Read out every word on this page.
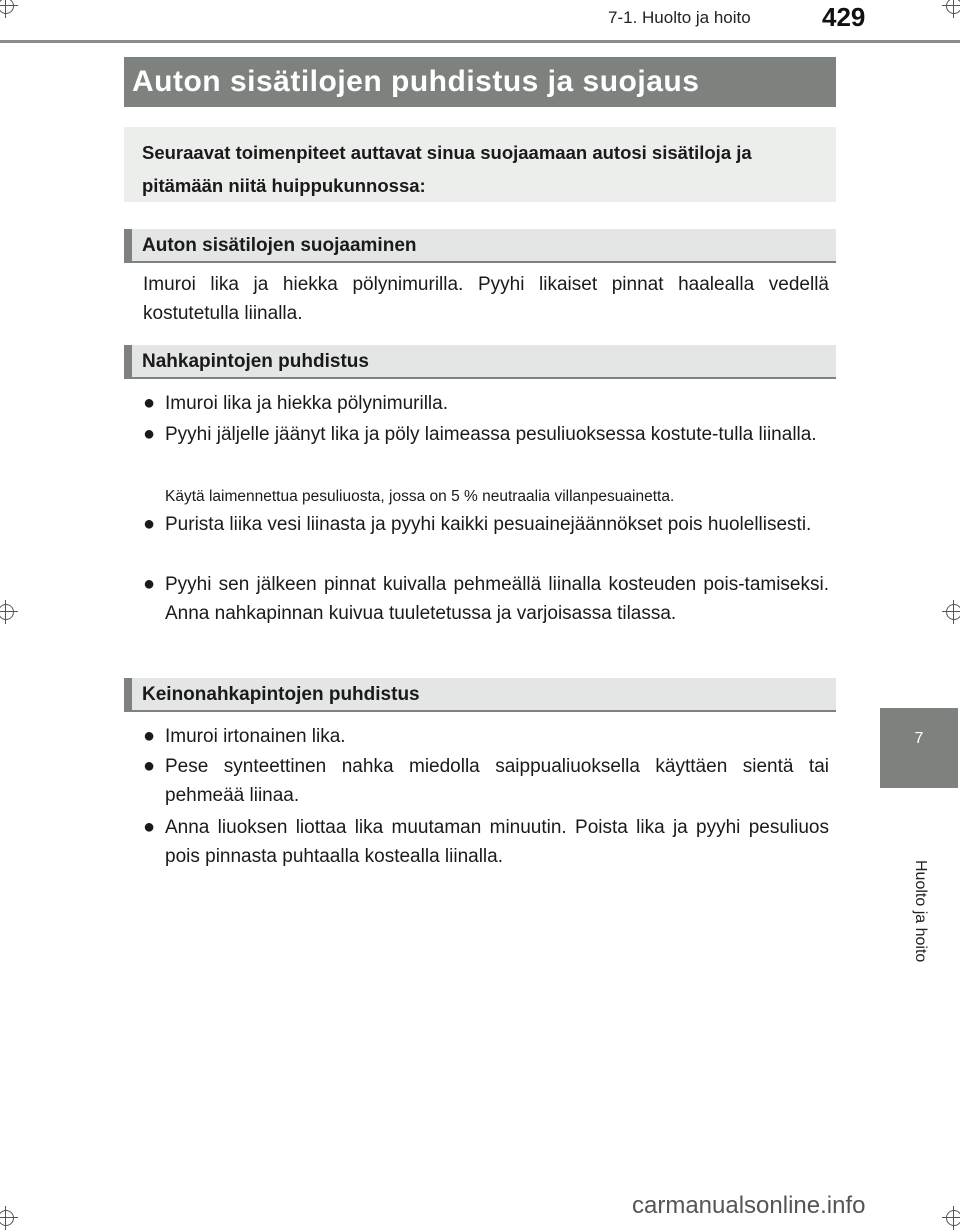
7-1. Huolto ja hoito	429
Auton sisätilojen puhdistus ja suojaus
Seuraavat toimenpiteet auttavat sinua suojaamaan autosi sisätiloja ja pitämään niitä huippukunnossa:
Auton sisätilojen suojaaminen
Imuroi lika ja hiekka pölynimurilla. Pyyhi likaiset pinnat haalealla vedellä kostutetulla liinalla.
Nahkapintojen puhdistus
● Imuroi lika ja hiekka pölynimurilla.
● Pyyhi jäljelle jäänyt lika ja pöly laimeassa pesuliuoksessa kostute-tulla liinalla.
Käytä laimennettua pesuliuosta, jossa on 5 % neutraalia villanpesuainetta.
● Purista liika vesi liinasta ja pyyhi kaikki pesuainejäännökset pois huolellisesti.
● Pyyhi sen jälkeen pinnat kuivalla pehmeällä liinalla kosteuden pois-tamiseksi. Anna nahkapinnan kuivua tuuletetussa ja varjoisassa tilassa.
Keinonahkapintojen puhdistus
● Imuroi irtonainen lika.
● Pese synteettinen nahka miedolla saippualiuoksella käyttäen sientä tai pehmeää liinaa.
● Anna liuoksen liottaa lika muutaman minuutin. Poista lika ja pyyhi pesuliuos pois pinnasta puhtaalla kostealla liinalla.
7
Huolto ja hoito
carmanualsonline.info
